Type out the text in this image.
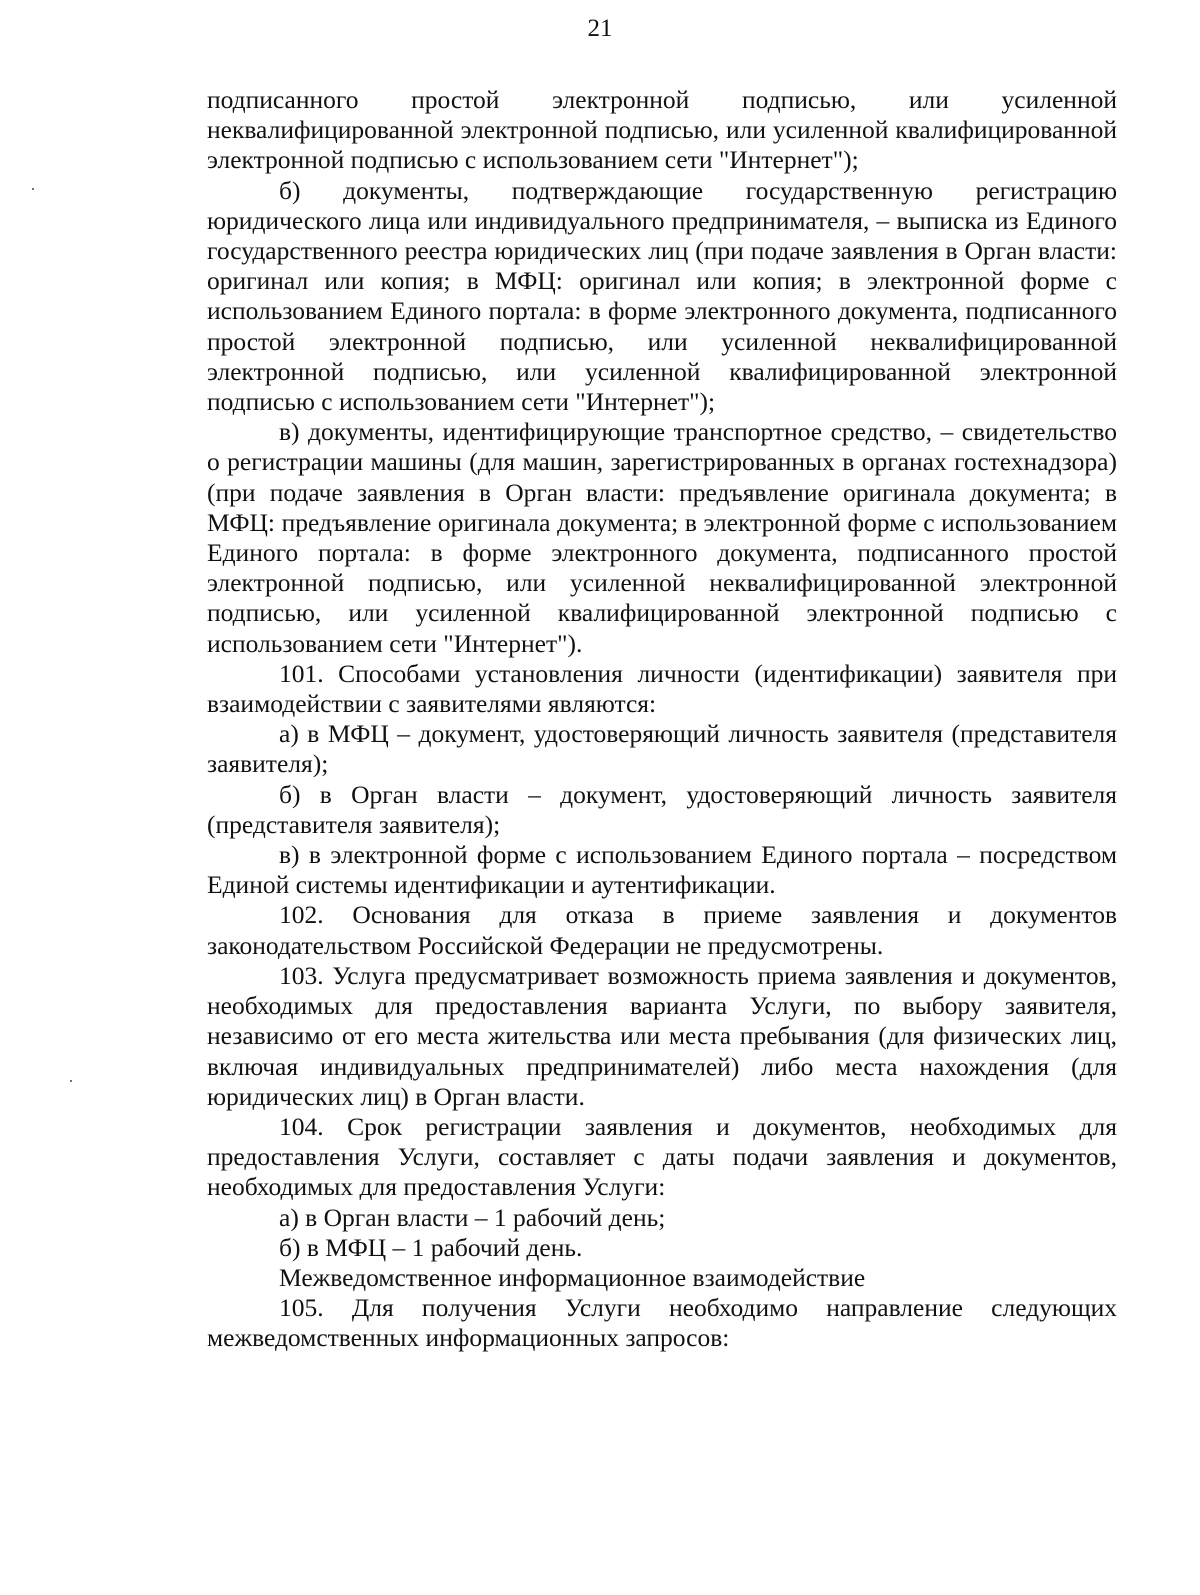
21

подписанного простой электронной подписью, или усиленной неквалифицированной электронной подписью, или усиленной квалифицированной электронной подписью с использованием сети "Интернет");

б) документы, подтверждающие государственную регистрацию юридического лица или индивидуального предпринимателя, – выписка из Единого государственного реестра юридических лиц (при подаче заявления в Орган власти: оригинал или копия; в МФЦ: оригинал или копия; в электронной форме с использованием Единого портала: в форме электронного документа, подписанного простой электронной подписью, или усиленной неквалифицированной электронной подписью, или усиленной квалифицированной электронной подписью с использованием сети "Интернет");

в) документы, идентифицирующие транспортное средство, – свидетельство о регистрации машины (для машин, зарегистрированных в органах гостехнадзора) (при подаче заявления в Орган власти: предъявление оригинала документа; в МФЦ: предъявление оригинала документа; в электронной форме с использованием Единого портала: в форме электронного документа, подписанного простой электронной подписью, или усиленной неквалифицированной электронной подписью, или усиленной квалифицированной электронной подписью с использованием сети "Интернет").

101. Способами установления личности (идентификации) заявителя при взаимодействии с заявителями являются:

а) в МФЦ – документ, удостоверяющий личность заявителя (представителя заявителя);

б) в Орган власти – документ, удостоверяющий личность заявителя (представителя заявителя);

в) в электронной форме с использованием Единого портала – посредством Единой системы идентификации и аутентификации.

102. Основания для отказа в приеме заявления и документов законодательством Российской Федерации не предусмотрены.

103. Услуга предусматривает возможность приема заявления и документов, необходимых для предоставления варианта Услуги, по выбору заявителя, независимо от его места жительства или места пребывания (для физических лиц, включая индивидуальных предпринимателей) либо места нахождения (для юридических лиц) в Орган власти.

104. Срок регистрации заявления и документов, необходимых для предоставления Услуги, составляет с даты подачи заявления и документов, необходимых для предоставления Услуги:

а) в Орган власти – 1 рабочий день;

б) в МФЦ – 1 рабочий день.

Межведомственное информационное взаимодействие

105. Для получения Услуги необходимо направление следующих межведомственных информационных запросов:
